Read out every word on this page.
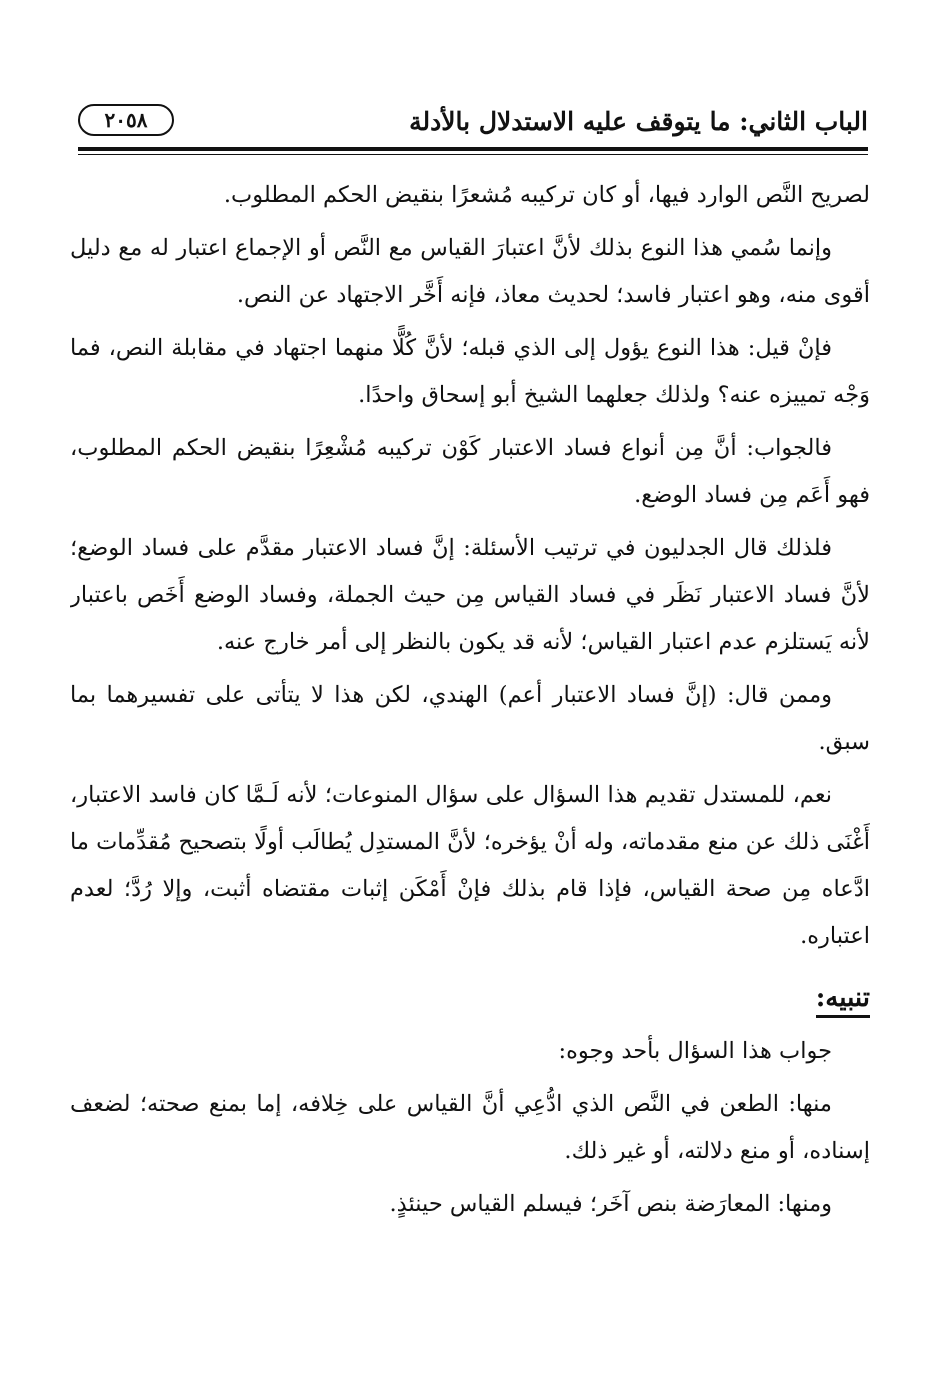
الباب الثاني: ما يتوقف عليه الاستدلال بالأدلة
٢٠٥٨

لصريح النَّص الوارد فيها، أو كان تركيبه مُشعرًا بنقيض الحكم المطلوب.

وإنما سُمي هذا النوع بذلك لأنَّ اعتبارَ القياس مع النَّص أو الإجماع اعتبار له مع دليل أقوى منه، وهو اعتبار فاسد؛ لحديث معاذ، فإنه أَخَّر الاجتهاد عن النص.

فإنْ قيل: هذا النوع يؤول إلى الذي قبله؛ لأنَّ كُلًّا منهما اجتهاد في مقابلة النص، فما وَجْه تمييزه عنه؟ ولذلك جعلهما الشيخ أبو إسحاق واحدًا.

فالجواب: أنَّ مِن أنواع فساد الاعتبار كَوْن تركيبه مُشْعِرًا بنقيض الحكم المطلوب، فهو أَعَم مِن فساد الوضع.

فلذلك قال الجدليون في ترتيب الأسئلة: إنَّ فساد الاعتبار مقدَّم على فساد الوضع؛ لأنَّ فساد الاعتبار نَظَر في فساد القياس مِن حيث الجملة، وفساد الوضع أَخَص باعتبار لأنه يَستلزم عدم اعتبار القياس؛ لأنه قد يكون بالنظر إلى أمر خارج عنه.

وممن قال: (إنَّ فساد الاعتبار أعم) الهندي، لكن هذا لا يتأتى على تفسيرهما بما سبق.

نعم، للمستدل تقديم هذا السؤال على سؤال المنوعات؛ لأنه لَـمَّا كان فاسد الاعتبار، أَغْنَى ذلك عن منع مقدماته، وله أنْ يؤخره؛ لأنَّ المستدِل يُطالَب أولًا بتصحيح مُقدِّمات ما ادَّعاه مِن صحة القياس، فإذا قام بذلك فإنْ أَمْكَن إثبات مقتضاه أثبت، وإلا رُدَّ؛ لعدم اعتباره.

تنبيه:

جواب هذا السؤال بأحد وجوه:

منها: الطعن في النَّص الذي ادُّعِي أنَّ القياس على خِلافه، إما بمنع صحته؛ لضعف إسناده، أو منع دلالته، أو غير ذلك.

ومنها: المعارَضة بنص آخَر؛ فيسلم القياس حينئذٍ.
